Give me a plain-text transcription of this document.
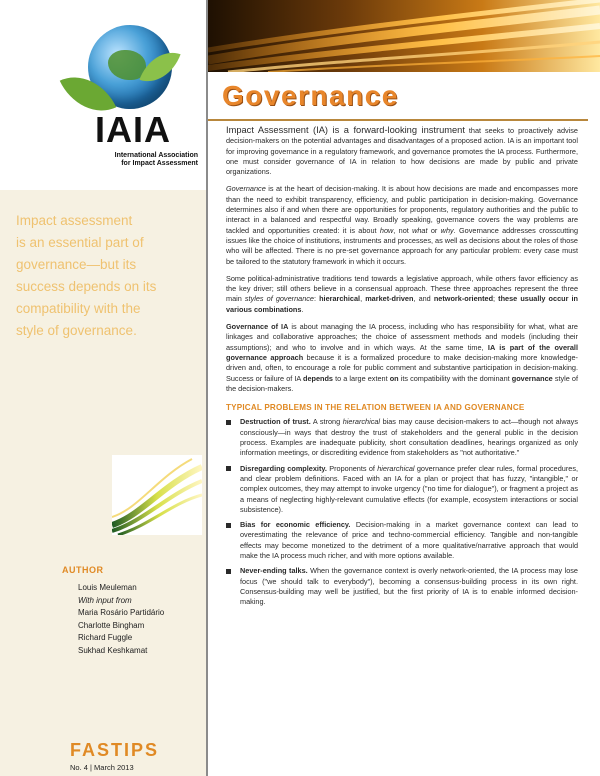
IAIA
International Association
for Impact Assessment
Impact assessment
is an essential part of
governance—but its
success depends on its
compatibility with the
style of governance.
AUTHOR
Louis Meuleman
With input from
Maria Rosário Partidário
Charlotte Bingham
Richard Fuggle
Sukhad Keshkamat
FASTIPS
No. 4 | March 2013
Governance

Impact Assessment (IA) is a forward-looking instrument that seeks to proactively advise decision-makers on the potential advantages and disadvantages of a proposed action. IA is an important tool for improving governance in a regulatory framework, and governance promotes the IA process. Furthermore, one must consider governance of IA in relation to how decisions are made by public and private organizations.

Governance is at the heart of decision-making. It is about how decisions are made and encompasses more than the need to exhibit transparency, efficiency, and public participation in decision-making. Governance determines also if and when there are opportunities for proponents, regulatory authorities and the public to interact in a balanced and respectful way. Broadly speaking, governance covers the way problems are tackled and opportunities created: it is about how, not what or why. Governance addresses crosscutting issues like the choice of institutions, instruments and processes, as well as decisions about the roles of those who will be affected. There is no pre-set governance approach for any particular problem: every case must be tailored to the statutory framework in which it occurs.

Some political-administrative traditions tend towards a legislative approach, while others favor efficiency as the key driver; still others believe in a consensual approach. These three approaches represent the three main styles of governance: hierarchical, market-driven, and network-oriented; these usually occur in various combinations.

Governance of IA is about managing the IA process, including who has responsibility for what, what are linkages and collaborative approaches; the choice of assessment methods and models (including their assumptions); and who to involve and in which ways. At the same time, IA is part of the overall governance approach because it is a formalized procedure to make decision-making more knowledge-driven and, often, to encourage a role for public comment and substantive participation in decision-making. Success or failure of IA depends to a large extent on its compatibility with the dominant governance style of the decision-makers.

TYPICAL PROBLEMS IN THE RELATION BETWEEN IA AND GOVERNANCE
Destruction of trust. A strong hierarchical bias may cause decision-makers to act—though not always consciously—in ways that destroy the trust of stakeholders and the general public in the decision process. Examples are inadequate publicity, short consultation deadlines, hearings organized as only information meetings, or discrediting evidence from stakeholders as "not authoritative."
Disregarding complexity. Proponents of hierarchical governance prefer clear rules, formal procedures, and clear problem definitions. Faced with an IA for a plan or project that has fuzzy, "intangible," or complex outcomes, they may attempt to invoke urgency ("no time for dialogue"), or fragment a project as a means of neglecting highly-relevant cumulative effects (for example, ecosystem interactions or social subsistence).
Bias for economic efficiency. Decision-making in a market governance context can lead to overestimating the relevance of price and techno-commercial efficiency. Tangible and non-tangible effects may become monetized to the detriment of a more qualitative/narrative approach that would make the IA process much richer, and with more options available.
Never-ending talks. When the governance context is overly network-oriented, the IA process may lose focus ("we should talk to everybody"), becoming a consensus-building process in its own right. Consensus-building may well be justified, but the first priority of IA is to enable informed decision-making.
